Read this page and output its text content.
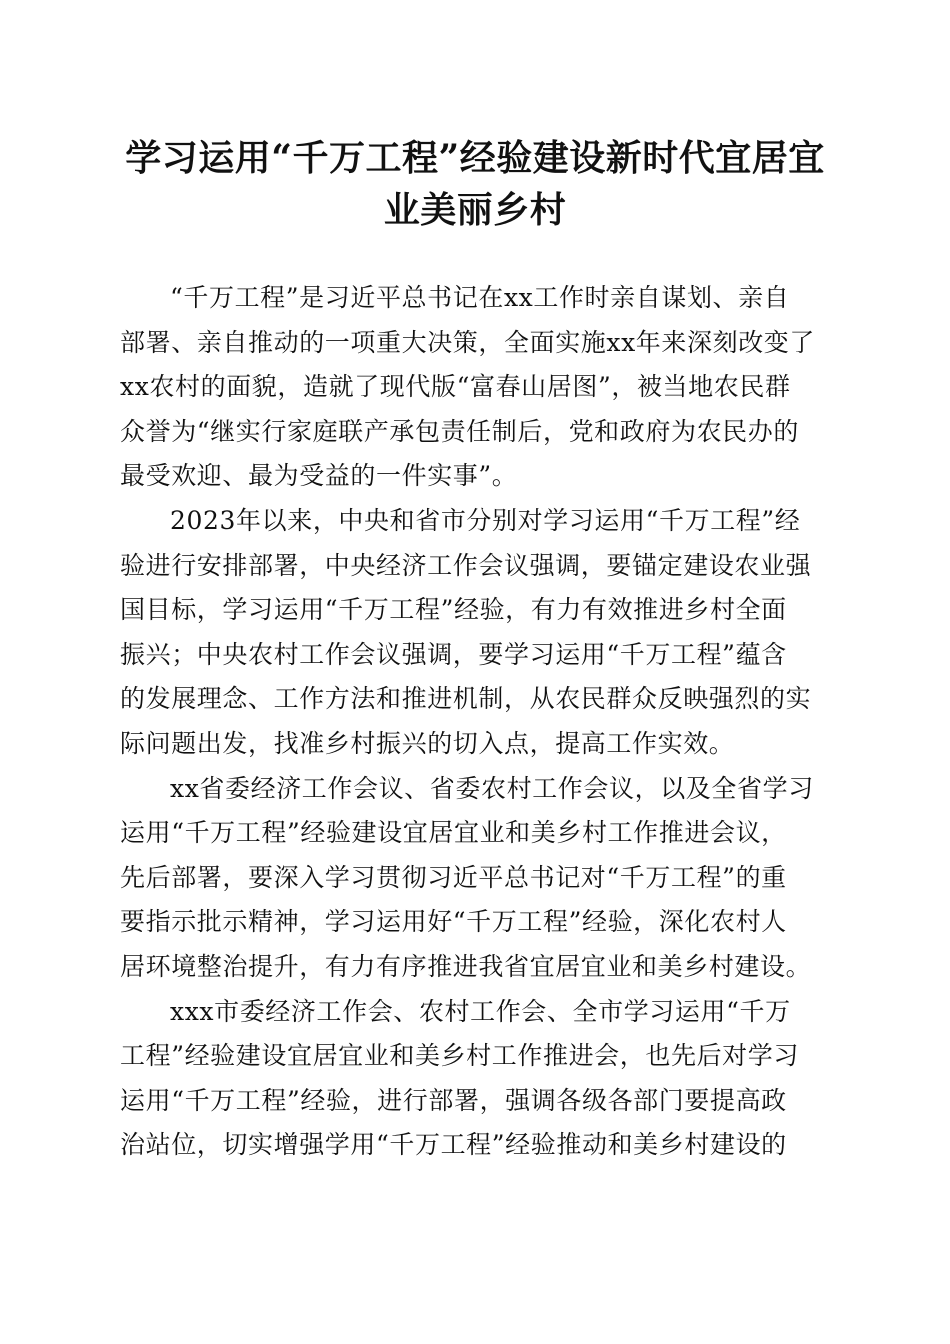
学习运用“千万工程”经验建设新时代宜居宜
业美丽乡村
“千万工程”是习近平总书记在xx工作时亲自谋划、亲自
部署、亲自推动的一项重大决策，全面实施xx年来深刻改变了
xx农村的面貌，造就了现代版“富春山居图”，被当地农民群
众誉为“继实行家庭联产承包责任制后，党和政府为农民办的
最受欢迎、最为受益的一件实事”。
2023年以来，中央和省市分别对学习运用“千万工程”经
验进行安排部署，中央经济工作会议强调，要锚定建设农业强
国目标，学习运用“千万工程”经验，有力有效推进乡村全面
振兴；中央农村工作会议强调，要学习运用“千万工程”蕴含
的发展理念、工作方法和推进机制，从农民群众反映强烈的实
际问题出发，找准乡村振兴的切入点，提高工作实效。
xx省委经济工作会议、省委农村工作会议，以及全省学习
运用“千万工程”经验建设宜居宜业和美乡村工作推进会议，
先后部署，要深入学习贯彻习近平总书记对“千万工程”的重
要指示批示精神，学习运用好“千万工程”经验，深化农村人
居环境整治提升，有力有序推进我省宜居宜业和美乡村建设。
xxx市委经济工作会、农村工作会、全市学习运用“千万
工程”经验建设宜居宜业和美乡村工作推进会，也先后对学习
运用“千万工程”经验，进行部署，强调各级各部门要提高政
治站位，切实增强学用“千万工程”经验推动和美乡村建设的
